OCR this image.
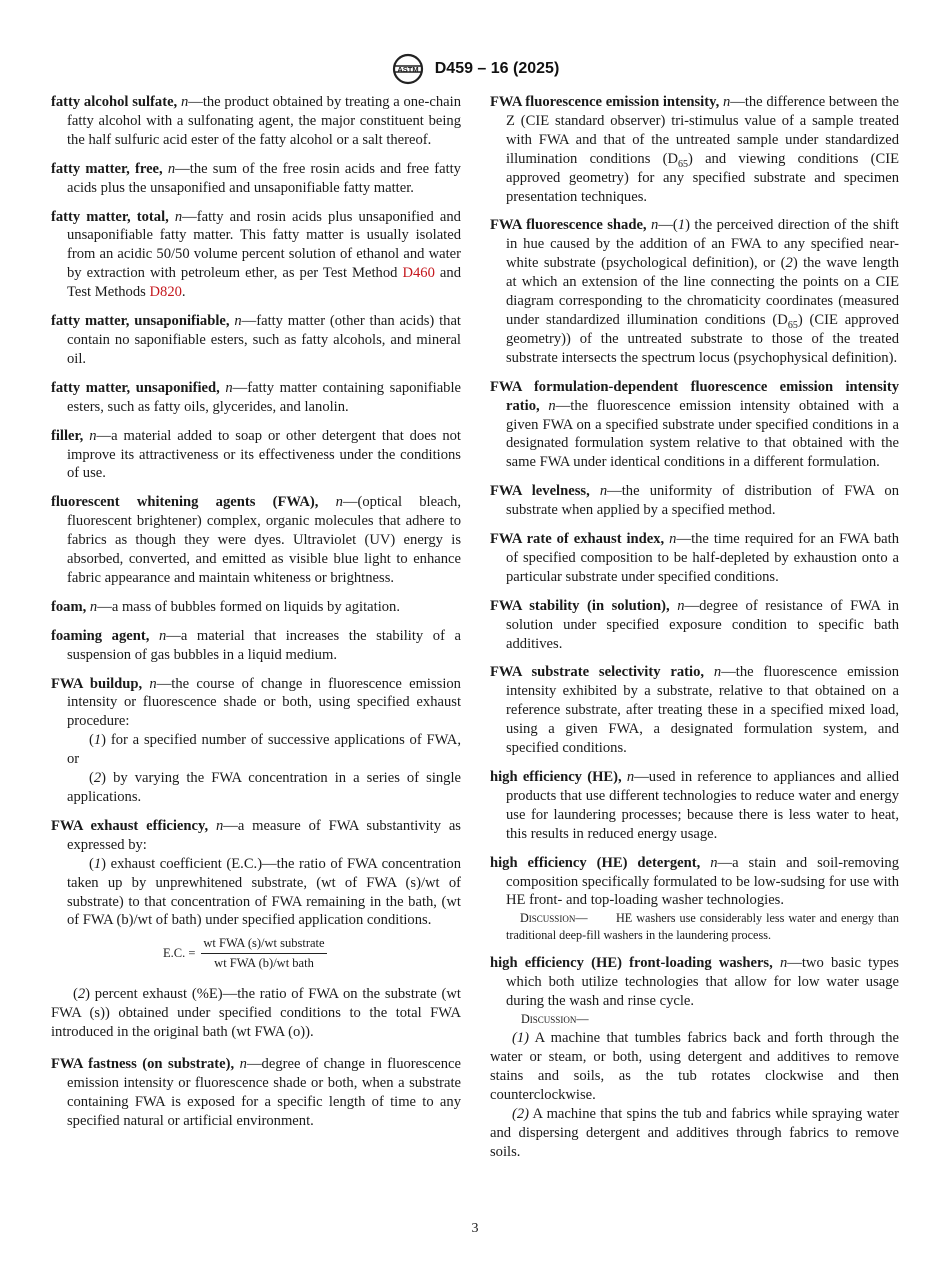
ASTM D459 – 16 (2025)

fatty alcohol sulfate, n—the product obtained by treating a one-chain fatty alcohol with a sulfonating agent, the major constituent being the half sulfuric acid ester of the fatty alcohol or a salt thereof.

fatty matter, free, n—the sum of the free rosin acids and free fatty acids plus the unsaponified and unsaponifiable fatty matter.

fatty matter, total, n—fatty and rosin acids plus unsaponified and unsaponifiable fatty matter. This fatty matter is usually isolated from an acidic 50/50 volume percent solution of ethanol and water by extraction with petroleum ether, as per Test Method D460 and Test Methods D820.

fatty matter, unsaponifiable, n—fatty matter (other than acids) that contain no saponifiable esters, such as fatty alcohols, and mineral oil.

fatty matter, unsaponified, n—fatty matter containing saponifiable esters, such as fatty oils, glycerides, and lanolin.

filler, n—a material added to soap or other detergent that does not improve its attractiveness or its effectiveness under the conditions of use.

fluorescent whitening agents (FWA), n—(optical bleach, fluorescent brightener) complex, organic molecules that adhere to fabrics as though they were dyes. Ultraviolet (UV) energy is absorbed, converted, and emitted as visible blue light to enhance fabric appearance and maintain whiteness or brightness.

foam, n—a mass of bubbles formed on liquids by agitation.

foaming agent, n—a material that increases the stability of a suspension of gas bubbles in a liquid medium.

FWA buildup, n—the course of change in fluorescence emission intensity or fluorescence shade or both, using specified exhaust procedure:

(1) for a specified number of successive applications of FWA, or

(2) by varying the FWA concentration in a series of single applications.

FWA exhaust efficiency, n—a measure of FWA substantivity as expressed by:

(1) exhaust coefficient (E.C.)—the ratio of FWA concentration taken up by unprewhitened substrate, (wt of FWA (s)/wt of substrate) to that concentration of FWA remaining in the bath, (wt of FWA (b)/wt of bath) under specified application conditions.

E.C. = $\frac{\text{wt FWA (s)/wt substrate}}{\text{wt FWA (b)/wt bath}}$

(2) percent exhaust (%E)—the ratio of FWA on the substrate (wt FWA (s)) obtained under specified conditions to the total FWA introduced in the original bath (wt FWA (o)).

FWA fastness (on substrate), n—degree of change in fluorescence emission intensity or fluorescence shade or both, when a substrate containing FWA is exposed for a specific length of time to any specified natural or artificial environment.

FWA fluorescence emission intensity, n—the difference between the Z (CIE standard observer) tri-stimulus value of a sample treated with FWA and that of the untreated sample under standardized illumination conditions $(D_{65})$ and viewing conditions (CIE approved geometry) for any specified substrate and specimen presentation techniques.

FWA fluorescence shade, n—(1) the perceived direction of the shift in hue caused by the addition of an FWA to any specified near-white substrate (psychological definition), or (2) the wave length at which an extension of the line connecting the points on a CIE diagram corresponding to the chromaticity coordinates (measured under standardized illumination conditions $(D_{65})$ (CIE approved geometry)) of the untreated substrate to those of the treated substrate intersects the spectrum locus (psychophysical definition).

FWA formulation-dependent fluorescence emission intensity ratio, n—the fluorescence emission intensity obtained with a given FWA on a specified substrate under specified conditions in a designated formulation system relative to that obtained with the same FWA under identical conditions in a different formulation.

FWA levelness, n—the uniformity of distribution of FWA on substrate when applied by a specified method.

FWA rate of exhaust index, n—the time required for an FWA bath of specified composition to be half-depleted by exhaustion onto a particular substrate under specified conditions.

FWA stability (in solution), n—degree of resistance of FWA in solution under specified exposure condition to specific bath additives.

FWA substrate selectivity ratio, n—the fluorescence emission intensity exhibited by a substrate, relative to that obtained on a reference substrate, after treating these in a specified mixed load, using a given FWA, a designated formulation system, and specified conditions.

high efficiency (HE), n—used in reference to appliances and allied products that use different technologies to reduce water and energy use for laundering processes; because there is less water to heat, this results in reduced energy usage.

high efficiency (HE) detergent, n—a stain and soil-removing composition specifically formulated to be low-sudsing for use with HE front- and top-loading washer technologies.

Discussion— HE washers use considerably less water and energy than traditional deep-fill washers in the laundering process.

high efficiency (HE) front-loading washers, n—two basic types which both utilize technologies that allow for low water usage during the wash and rinse cycle.

Discussion—

(1) A machine that tumbles fabrics back and forth through the water or steam, or both, using detergent and additives to remove stains and soils, as the tub rotates clockwise and then counterclockwise.

(2) A machine that spins the tub and fabrics while spraying water and dispersing detergent and additives through fabrics to remove soils.

3
